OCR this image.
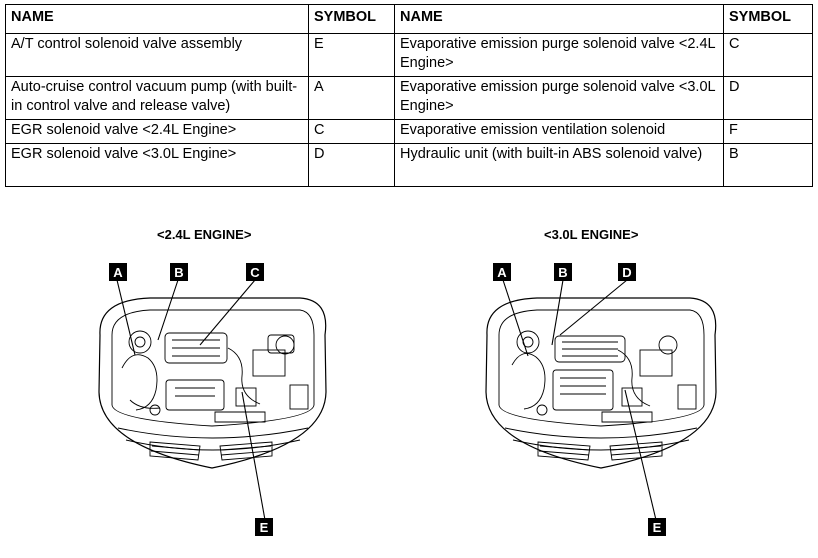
NAME	SYMBOL	NAME	SYMBOL
A/T control solenoid valve assembly	E	Evaporative emission purge solenoid valve <2.4L Engine>	C
Auto-cruise control vacuum pump (with built-in control valve and release valve)	A	Evaporative emission purge solenoid valve <3.0L Engine>	D
EGR solenoid valve <2.4L Engine>	C	Evaporative emission ventilation solenoid	F
EGR solenoid valve <3.0L Engine>	D	Hydraulic unit (with built-in ABS solenoid valve)	B
<2.4L ENGINE>	<3.0L ENGINE>
A	B	C
E
A	B	D
E
